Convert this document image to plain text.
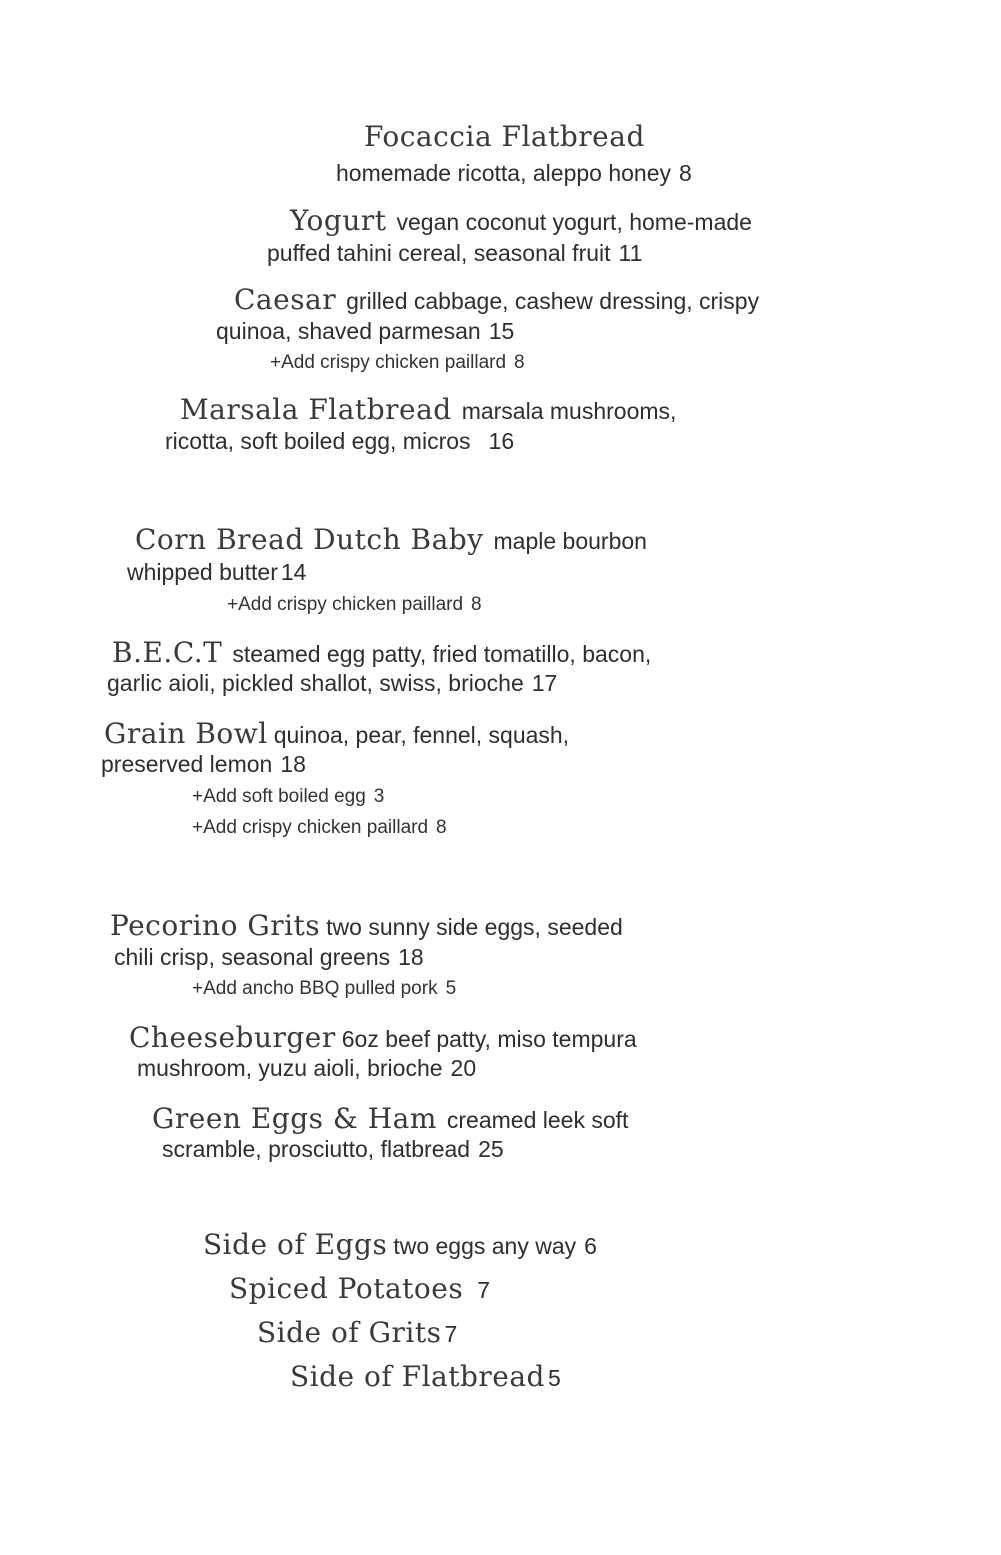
Focaccia Flatbread
homemade ricotta, aleppo honey 8
Yogurt vegan coconut yogurt, home-made
puffed tahini cereal, seasonal fruit 11
Caesar grilled cabbage, cashew dressing, crispy
quinoa, shaved parmesan 15
+Add crispy chicken paillard 8
Marsala Flatbread marsala mushrooms,
ricotta, soft boiled egg, micros 16
Corn Bread Dutch Baby maple bourbon
whipped butter 14
+Add crispy chicken paillard 8
B.E.C.T steamed egg patty, fried tomatillo, bacon,
garlic aioli, pickled shallot, swiss, brioche 17
Grain Bowl quinoa, pear, fennel, squash,
preserved lemon 18
+Add soft boiled egg 3
+Add crispy chicken paillard 8
Pecorino Grits two sunny side eggs, seeded
chili crisp, seasonal greens 18
+Add ancho BBQ pulled pork 5
Cheeseburger 6oz beef patty, miso tempura
mushroom, yuzu aioli, brioche 20
Green Eggs & Ham creamed leek soft
scramble, prosciutto, flatbread 25
Side of Eggs two eggs any way 6
Spiced Potatoes 7
Side of Grits 7
Side of Flatbread 5
